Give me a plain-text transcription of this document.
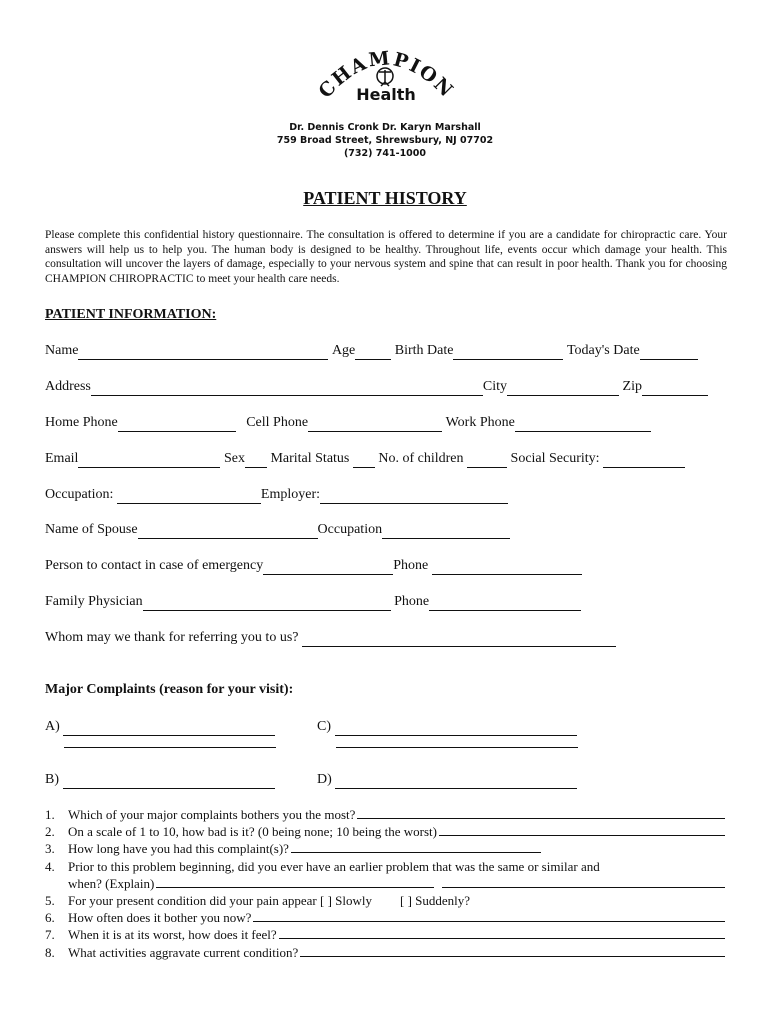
CHAMPION
Health
Dr. Dennis Cronk Dr. Karyn Marshall
759 Broad Street, Shrewsbury, NJ 07702
(732) 741-1000
PATIENT HISTORY
Please complete this confidential history questionnaire. The consultation is offered to determine if you are a candidate for chiropractic care. Your answers will help us to help you. The human body is designed to be healthy. Throughout life, events occur which damage your health. This consultation will uncover the layers of damage, especially to your nervous system and spine that can result in poor health. Thank you for choosing CHAMPION CHIROPRACTIC to meet your health care needs.
PATIENT INFORMATION:
Name	Age	Birth Date	Today's Date
Address	City	Zip
Home Phone	Cell Phone	Work Phone
Email	Sex Marital Status No. of children	Social Security:
Occupation:	Employer:
Name of Spouse	Occupation
Person to contact in case of emergency	Phone
Family Physician	Phone
Whom may we thank for referring you to us?
Major Complaints (reason for your visit):
A)	C)
B)	D)
1.	Which of your major complaints bothers you the most?
2.	On a scale of 1 to 10, how bad is it? (0 being none; 10 being the worst)
3.	How long have you had this complaint(s)?
4.	Prior to this problem beginning, did you ever have an earlier problem that was the same or similar and
when? (Explain)
5.	For your present condition did your pain appear [ ] Slowly [ ] Suddenly?
6.	How often does it bother you now?
7.	When it is at its worst, how does it feel?
8.	What activities aggravate current condition?
